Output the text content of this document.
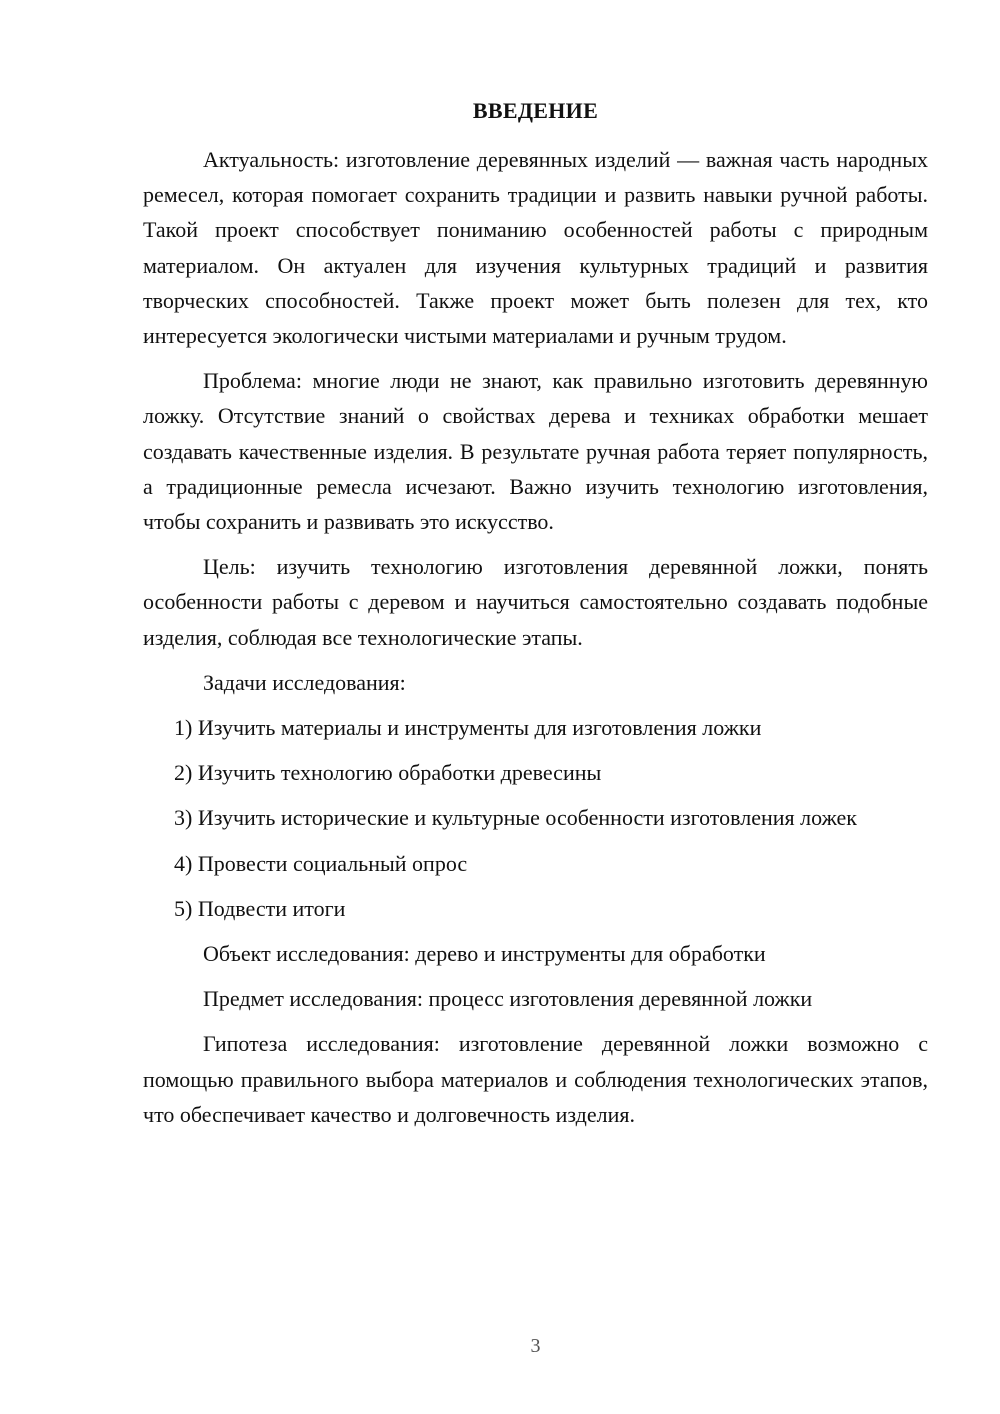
ВВЕДЕНИЕ

Актуальность: изготовление деревянных изделий — важная часть народных ремесел, которая помогает сохранить традиции и развить навыки ручной работы. Такой проект способствует пониманию особенностей работы с природным материалом. Он актуален для изучения культурных традиций и развития творческих способностей. Также проект может быть полезен для тех, кто интересуется экологически чистыми материалами и ручным трудом.

Проблема: многие люди не знают, как правильно изготовить деревянную ложку. Отсутствие знаний о свойствах дерева и техниках обработки мешает создавать качественные изделия. В результате ручная работа теряет популярность, а традиционные ремесла исчезают. Важно изучить технологию изготовления, чтобы сохранить и развивать это искусство.

Цель: изучить технологию изготовления деревянной ложки, понять особенности работы с деревом и научиться самостоятельно создавать подобные изделия, соблюдая все технологические этапы.

Задачи исследования:

1) Изучить материалы и инструменты для изготовления ложки

2) Изучить технологию обработки древесины

3) Изучить исторические и культурные особенности изготовления ложек

4) Провести социальный опрос

5) Подвести итоги

Объект исследования: дерево и инструменты для обработки

Предмет исследования: процесс изготовления деревянной ложки

Гипотеза исследования: изготовление деревянной ложки возможно с помощью правильного выбора материалов и соблюдения технологических этапов, что обеспечивает качество и долговечность изделия.

3
